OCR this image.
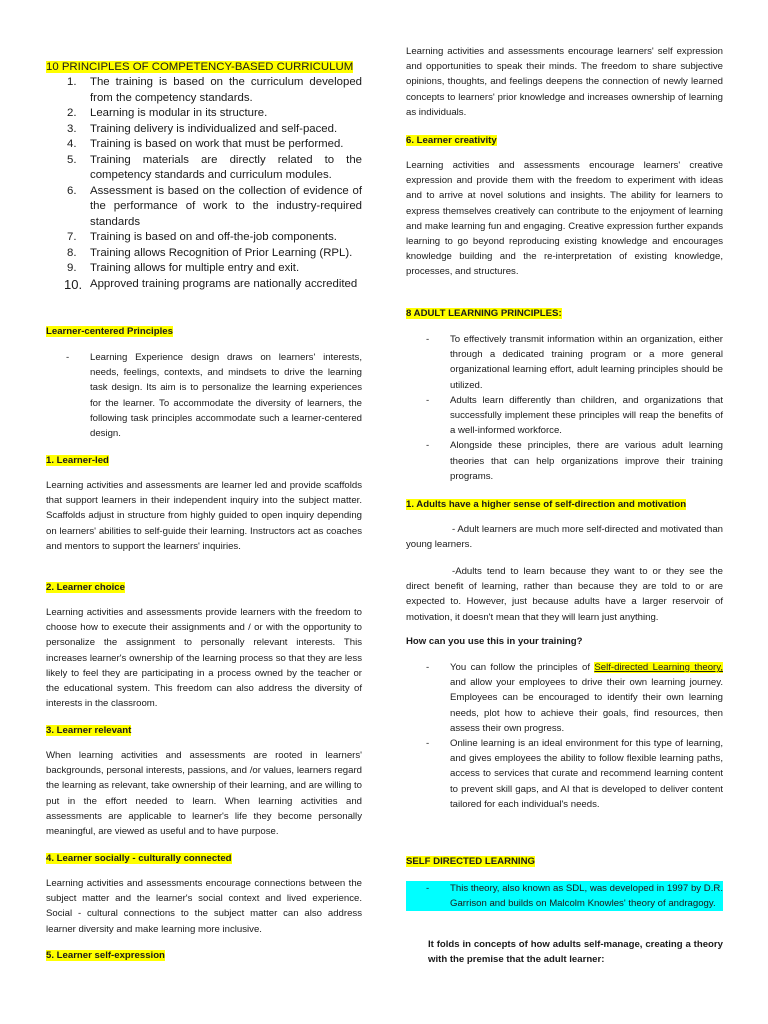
10 PRINCIPLES OF COMPETENCY-BASED CURRICULUM
1. The training is based on the curriculum developed from the competency standards.
2. Learning is modular in its structure.
3. Training delivery is individualized and self-paced.
4. Training is based on work that must be performed.
5. Training materials are directly related to the competency standards and curriculum modules.
6. Assessment is based on the collection of evidence of the performance of work to the industry-required standards
7. Training is based on and off-the-job components.
8. Training allows Recognition of Prior Learning (RPL).
9. Training allows for multiple entry and exit.
10. Approved training programs are nationally accredited
Learner-centered Principles
- Learning Experience design draws on learners' interests, needs, feelings, contexts, and mindsets to drive the learning task design. Its aim is to personalize the learning experiences for the learner. To accommodate the diversity of learners, the following task principles accommodate such a learner-centered design.
1. Learner-led

Learning activities and assessments are learner led and provide scaffolds that support learners in their independent inquiry into the subject matter. Scaffolds adjust in structure from highly guided to open inquiry depending on learners' abilities to self-guide their learning. Instructors act as coaches and mentors to support the learners' inquiries.

2. Learner choice

Learning activities and assessments provide learners with the freedom to choose how to execute their assignments and / or with the opportunity to personalize the assignment to personally relevant interests. This increases learner's ownership of the learning process so that they are less likely to feel they are participating in a process owned by the teacher or the educational system. This freedom can also address the diversity of interests in the classroom.

3. Learner relevant

When learning activities and assessments are rooted in learners' backgrounds, personal interests, passions, and /or values, learners regard the learning as relevant, take ownership of their learning, and are willing to put in the effort needed to learn. When learning activities and assessments are applicable to learner's life they become personally meaningful, are viewed as useful and to have purpose.

4. Learner socially - culturally connected

Learning activities and assessments encourage connections between the subject matter and the learner's social context and lived experience. Social - cultural connections to the subject matter can also address learner diversity and make learning more inclusive.

5. Learner self-expression

Learning activities and assessments encourage learners' self expression and opportunities to speak their minds. The freedom to share subjective opinions, thoughts, and feelings deepens the connection of newly learned concepts to learners' prior knowledge and increases ownership of learning as individuals.

6. Learner creativity

Learning activities and assessments encourage learners' creative expression and provide them with the freedom to experiment with ideas and to arrive at novel solutions and insights. The ability for learners to express themselves creatively can contribute to the enjoyment of learning and make learning fun and engaging. Creative expression further expands learning to go beyond reproducing existing knowledge and encourages knowledge building and the re-interpretation of existing knowledge, processes, and structures.

8 ADULT LEARNING PRINCIPLES:
- To effectively transmit information within an organization, either through a dedicated training program or a more general organizational learning effort, adult learning principles should be utilized.
- Adults learn differently than children, and organizations that successfully implement these principles will reap the benefits of a well-informed workforce.
- Alongside these principles, there are various adult learning theories that can help organizations improve their training programs.
1. Adults have a higher sense of self-direction and motivation

- Adult learners are much more self-directed and motivated than young learners.

-Adults tend to learn because they want to or they see the direct benefit of learning, rather than because they are told to or are expected to. However, just because adults have a larger reservoir of motivation, it doesn't mean that they will learn just anything.

How can you use this in your training?
- You can follow the principles of Self-directed Learning theory, and allow your employees to drive their own learning journey. Employees can be encouraged to identify their own learning needs, plot how to achieve their goals, find resources, then assess their own progress.
- Online learning is an ideal environment for this type of learning, and gives employees the ability to follow flexible learning paths, access to services that curate and recommend learning content to prevent skill gaps, and AI that is developed to deliver content tailored for each individual's needs.
SELF DIRECTED LEARNING
- This theory, also known as SDL, was developed in 1997 by D.R. Garrison and builds on Malcolm Knowles' theory of andragogy.

It folds in concepts of how adults self-manage, creating a theory with the premise that the adult learner:
